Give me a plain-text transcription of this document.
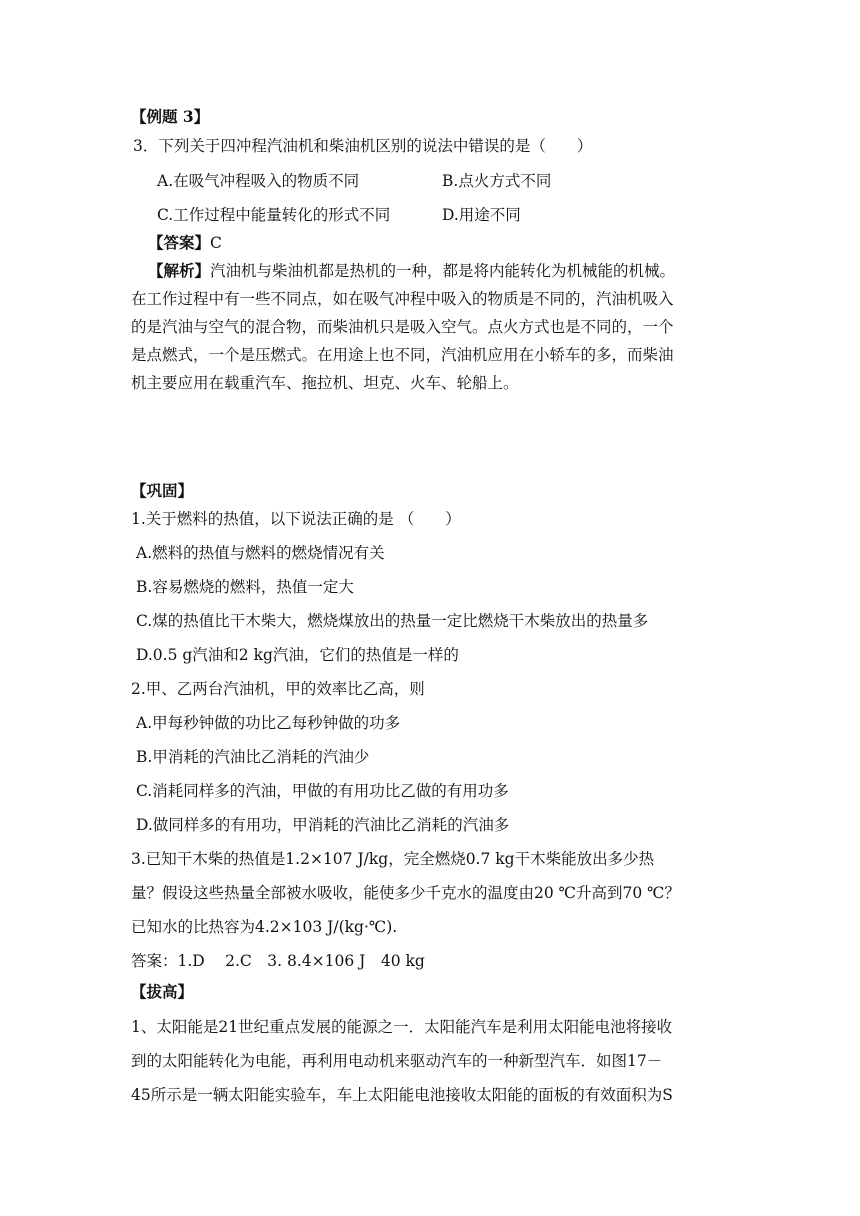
【例题 3】
3．下列关于四冲程汽油机和柴油机区别的说法中错误的是（　　）
A.在吸气冲程吸入的物质不同	B.点火方式不同
C.工作过程中能量转化的形式不同	D.用途不同
【答案】C
【解析】汽油机与柴油机都是热机的一种，都是将内能转化为机械能的机械。
在工作过程中有一些不同点，如在吸气冲程中吸入的物质是不同的，汽油机吸入
的是汽油与空气的混合物，而柴油机只是吸入空气。点火方式也是不同的，一个
是点燃式，一个是压燃式。在用途上也不同，汽油机应用在小轿车的多，而柴油
机主要应用在载重汽车、拖拉机、坦克、火车、轮船上。
【巩固】
1.关于燃料的热值，以下说法正确的是 （　　）
A.燃料的热值与燃料的燃烧情况有关
B.容易燃烧的燃料，热值一定大
C.煤的热值比干木柴大，燃烧煤放出的热量一定比燃烧干木柴放出的热量多
D.0.5 g汽油和2 kg汽油，它们的热值是一样的
2.甲、乙两台汽油机，甲的效率比乙高，则
A.甲每秒钟做的功比乙每秒钟做的功多
B.甲消耗的汽油比乙消耗的汽油少
C.消耗同样多的汽油，甲做的有用功比乙做的有用功多
D.做同样多的有用功，甲消耗的汽油比乙消耗的汽油多
3.已知干木柴的热值是1.2×107 J/kg，完全燃烧0.7 kg干木柴能放出多少热
量？假设这些热量全部被水吸收，能使多少千克水的温度由20 ℃升高到70 ℃？
已知水的比热容为4.2×103 J/(kg·℃).
答案：1.D　 2.C　3. 8.4×106 J　40 kg
【拔高】
1、太阳能是21世纪重点发展的能源之一．太阳能汽车是利用太阳能电池将接收
到的太阳能转化为电能，再利用电动机来驱动汽车的一种新型汽车．如图17－
45所示是一辆太阳能实验车，车上太阳能电池接收太阳能的面板的有效面积为S
